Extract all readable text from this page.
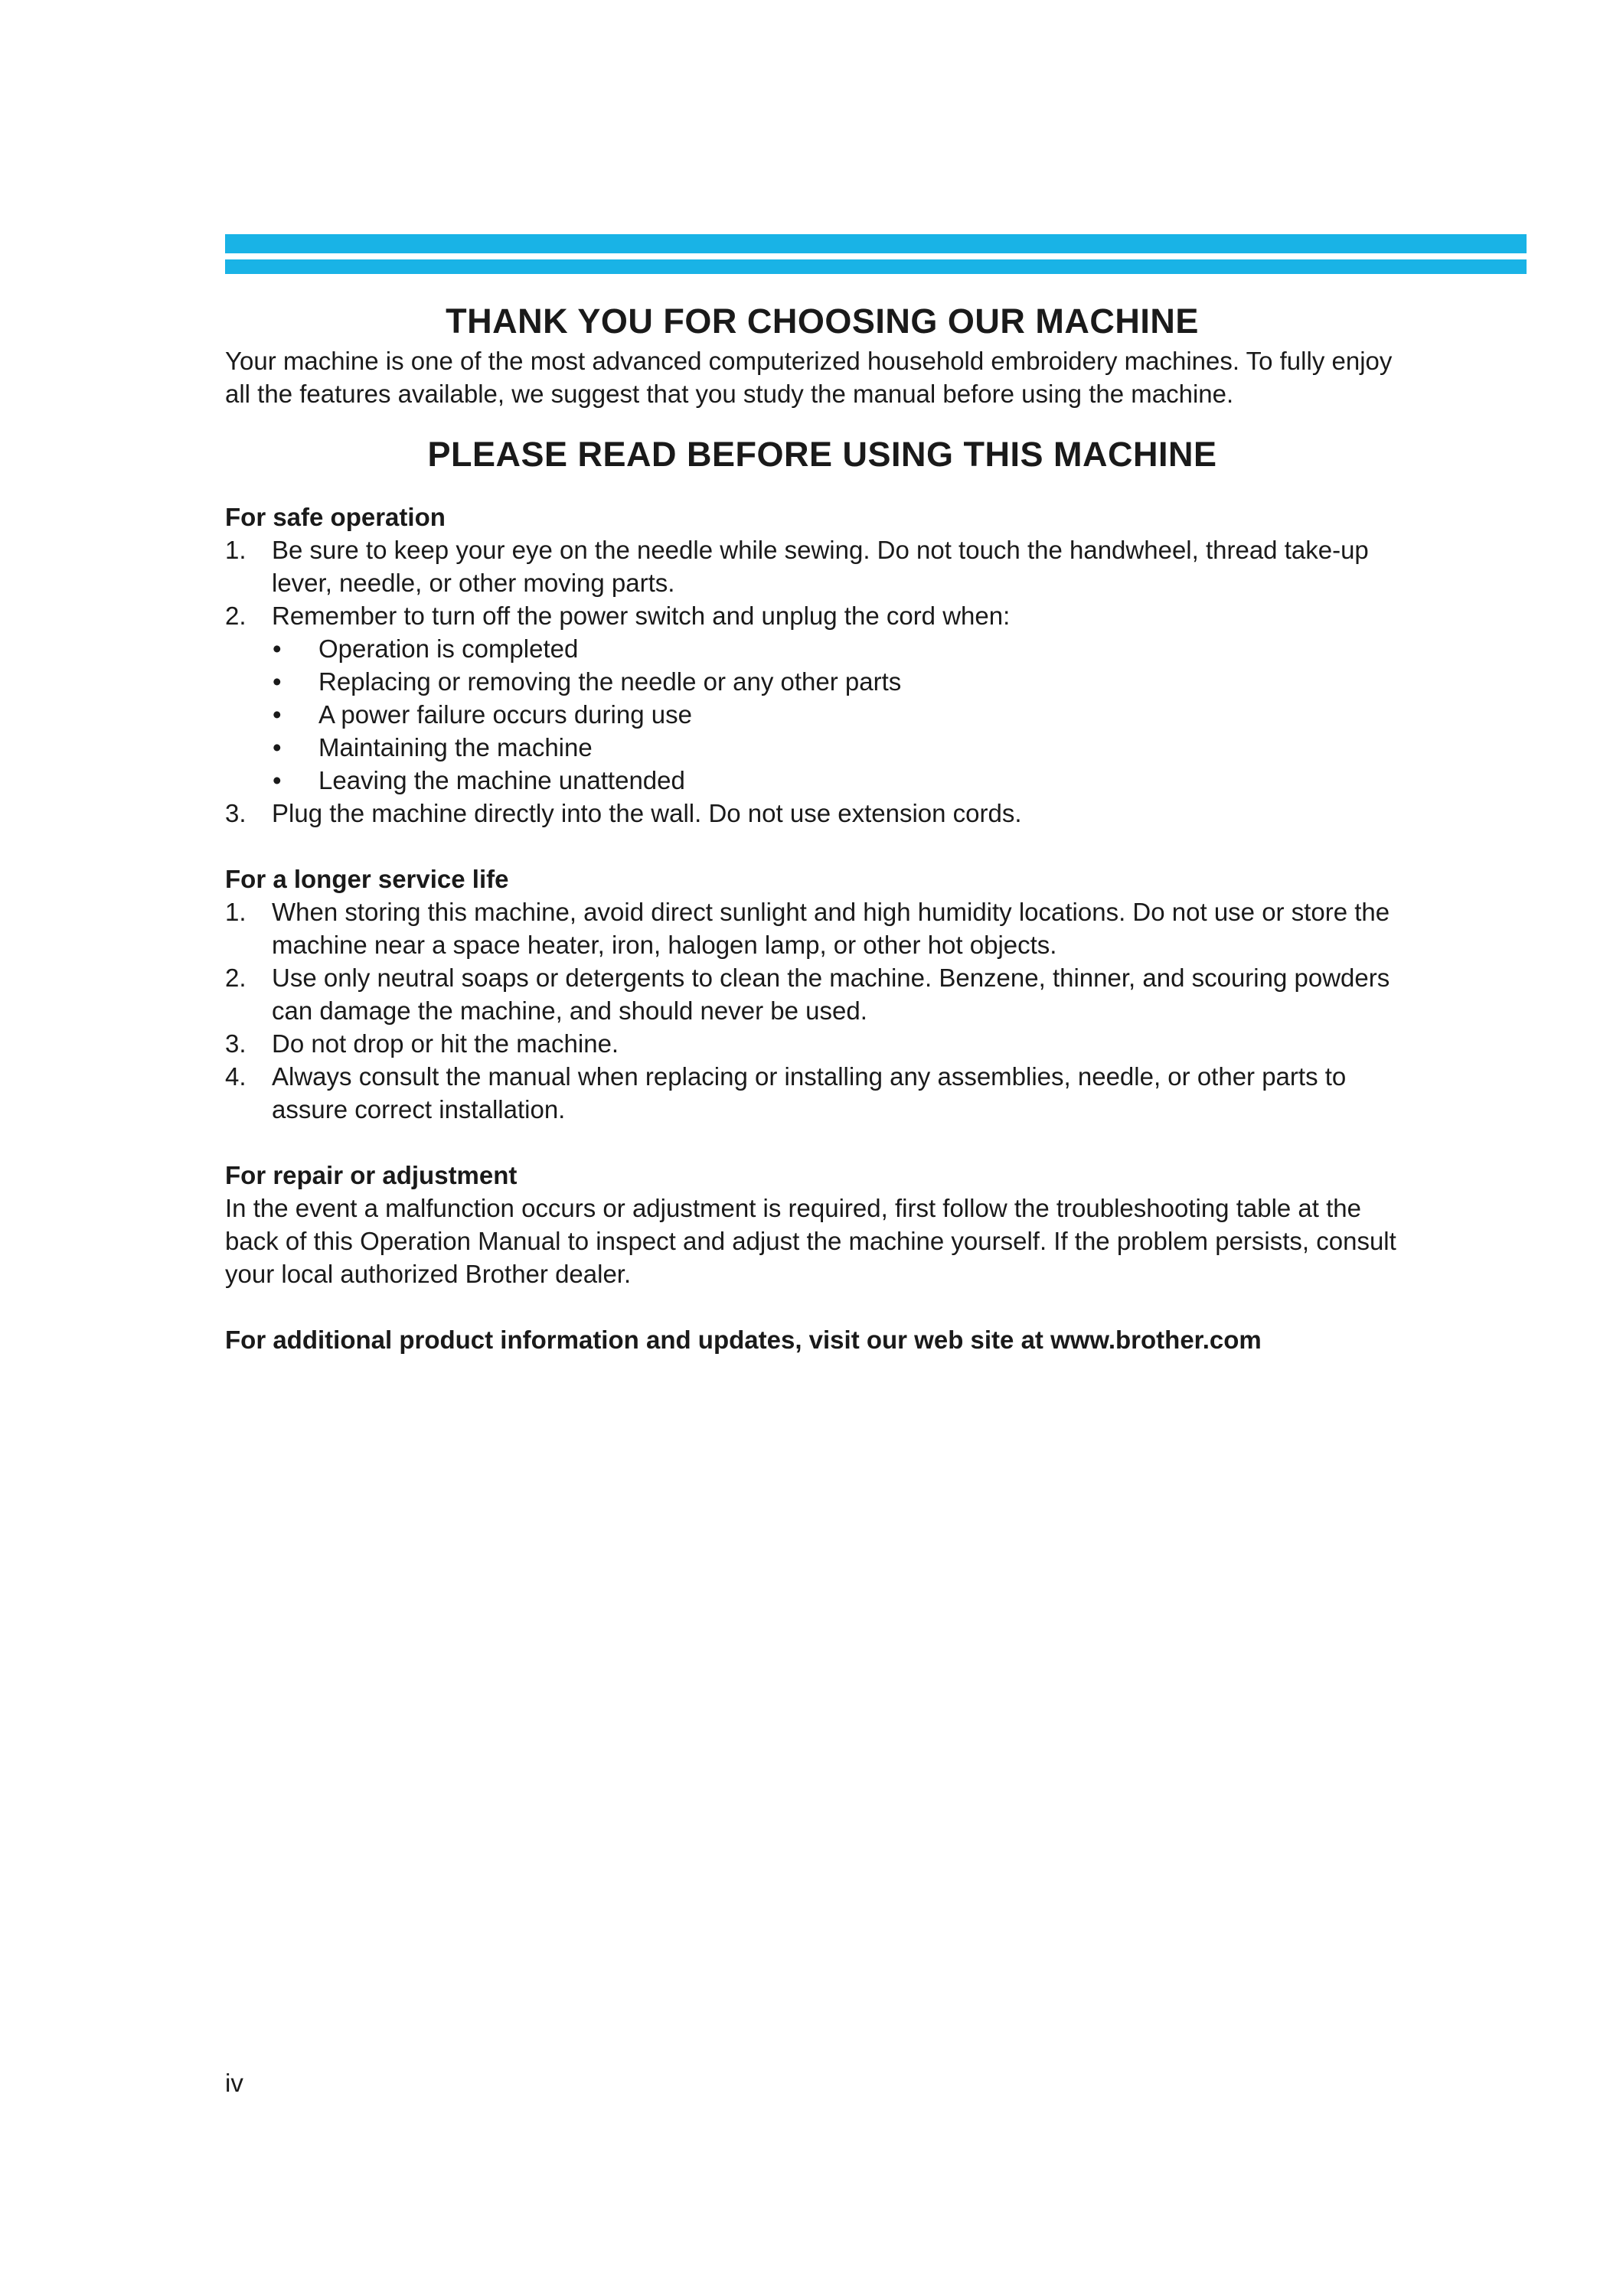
THANK YOU FOR CHOOSING OUR MACHINE

Your machine is one of the most advanced computerized household embroidery machines. To fully enjoy all the features available, we suggest that you study the manual before using the machine.

PLEASE READ BEFORE USING THIS MACHINE

For safe operation

1. Be sure to keep your eye on the needle while sewing. Do not touch the handwheel, thread take-up lever, needle, or other moving parts.
2. Remember to turn off the power switch and unplug the cord when:
• Operation is completed
• Replacing or removing the needle or any other parts
• A power failure occurs during use
• Maintaining the machine
• Leaving the machine unattended
3. Plug the machine directly into the wall. Do not use extension cords.

For a longer service life

1. When storing this machine, avoid direct sunlight and high humidity locations. Do not use or store the machine near a space heater, iron, halogen lamp, or other hot objects.
2. Use only neutral soaps or detergents to clean the machine. Benzene, thinner, and scouring powders can damage the machine, and should never be used.
3. Do not drop or hit the machine.
4. Always consult the manual when replacing or installing any assemblies, needle, or other parts to assure correct installation.

For repair or adjustment

In the event a malfunction occurs or adjustment is required, first follow the troubleshooting table at the back of this Operation Manual to inspect and adjust the machine yourself. If the problem persists, consult your local authorized Brother dealer.

For additional product information and updates, visit our web site at www.brother.com

iv
